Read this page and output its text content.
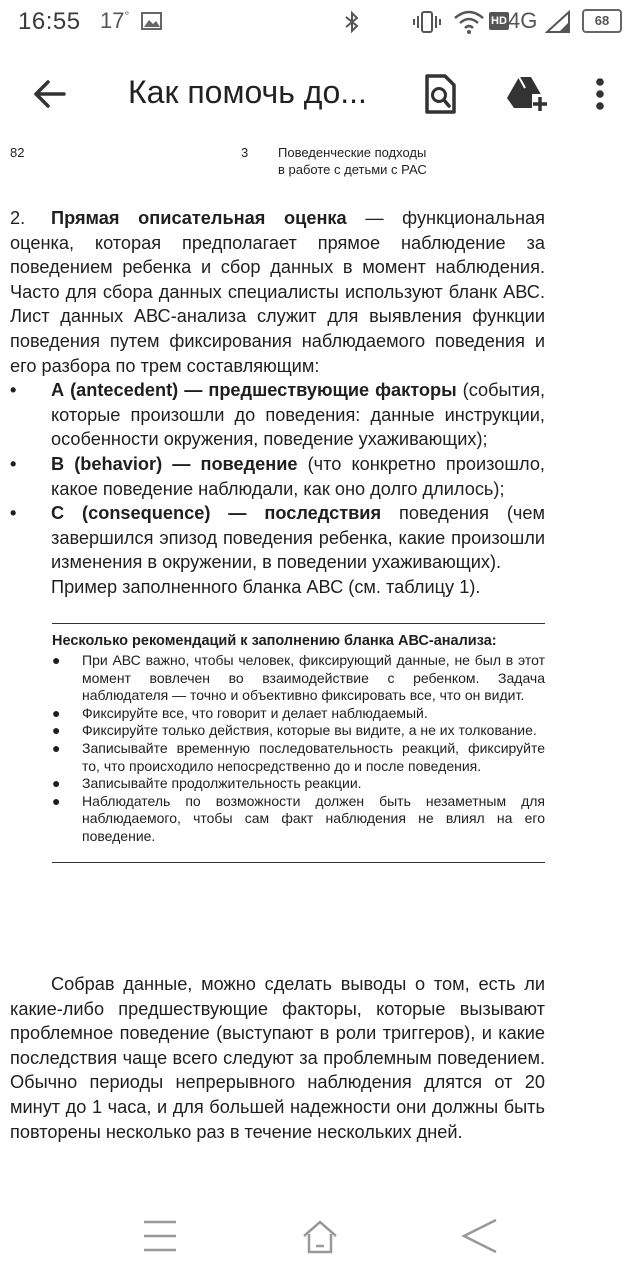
16:55 17°	HD 4G	68
Как помочь до...
82	3 Поведенческие подходы
в работе с детьми с РАС

2. Прямая описательная оценка — функциональная оценка, которая предполагает прямое наблюдение за поведением ребенка и сбор данных в момент наблюдения. Часто для сбора данных специалисты используют бланк АВС. Лист данных АВС-анализа служит для выявления функции поведения путем фиксирования наблюдаемого поведения и его разбора по трем составляющим:

•	А (antecedent) — предшествующие факторы (события, которые произошли до поведения: данные инструкции, особенности окружения, поведение ухаживающих);
•	В (behavior) — поведение (что конкретно произошло, какое поведение наблюдали, как оно долго длилось);
•	С (consequence) — последствия поведения (чем завершился эпизод поведения ребенка, какие произошли изменения в окружении, в поведении ухаживающих).

Пример заполненного бланка АВС (см. таблицу 1).

Несколько рекомендаций к заполнению бланка АВС-анализа:
●	При АВС важно, чтобы человек, фиксирующий данные, не был в этот момент вовлечен во взаимодействие с ребенком. Задача наблюдателя — точно и объективно фиксировать все, что он видит.
●	Фиксируйте все, что говорит и делает наблюдаемый.
●	Фиксируйте только действия, которые вы видите, а не их толкование.
●	Записывайте временную последовательность реакций, фиксируйте то, что происходило непосредственно до и после поведения.
●	Записывайте продолжительность реакции.
●	Наблюдатель по возможности должен быть незаметным для наблюдаемого, чтобы сам факт наблюдения не влиял на его поведение.

Собрав данные, можно сделать выводы о том, есть ли какие-либо предшествующие факторы, которые вызывают проблемное поведение (выступают в роли триггеров), и какие последствия чаще всего следуют за проблемным поведением. Обычно периоды непрерывного наблюдения длятся от 20 минут до 1 часа, и для большей надежности они должны быть повторены несколько раз в течение нескольких дней.
